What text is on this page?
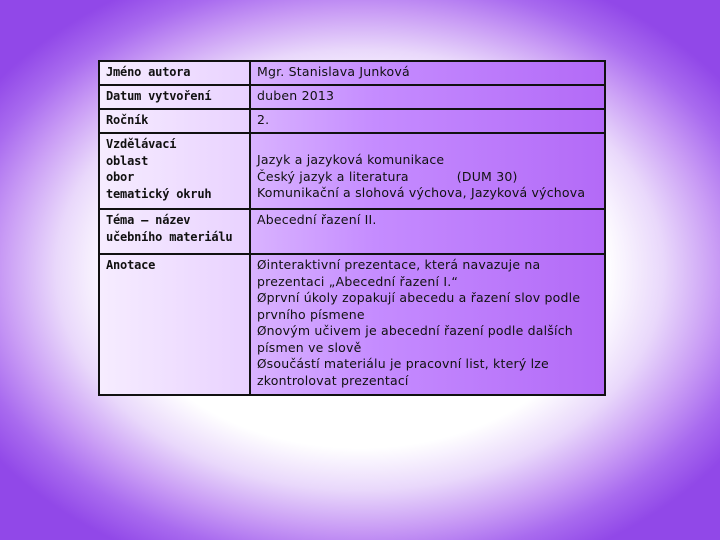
Jméno autora	Mgr. Stanislava Junková
Datum vytvoření	duben 2013
Ročník	2.

Vzdělávací
oblast
obor
tematický okruh	Jazyk a jazyková komunikace
Český jazyk a literatura (DUM 30)
Komunikační a slohová výchova, Jazyková výchova

Téma – název
učebního materiálu	Abecední řazení II.
Anotace	Øinteraktivní prezentace, která navazuje na prezentaci „Abecední řazení I.“
Øprvní úkoly zopakují abecedu a řazení slov podle prvního písmene
Ønovým učivem je abecední řazení podle dalších písmen ve slově
Øsoučástí materiálu je pracovní list, který lze zkontrolovat prezentací
